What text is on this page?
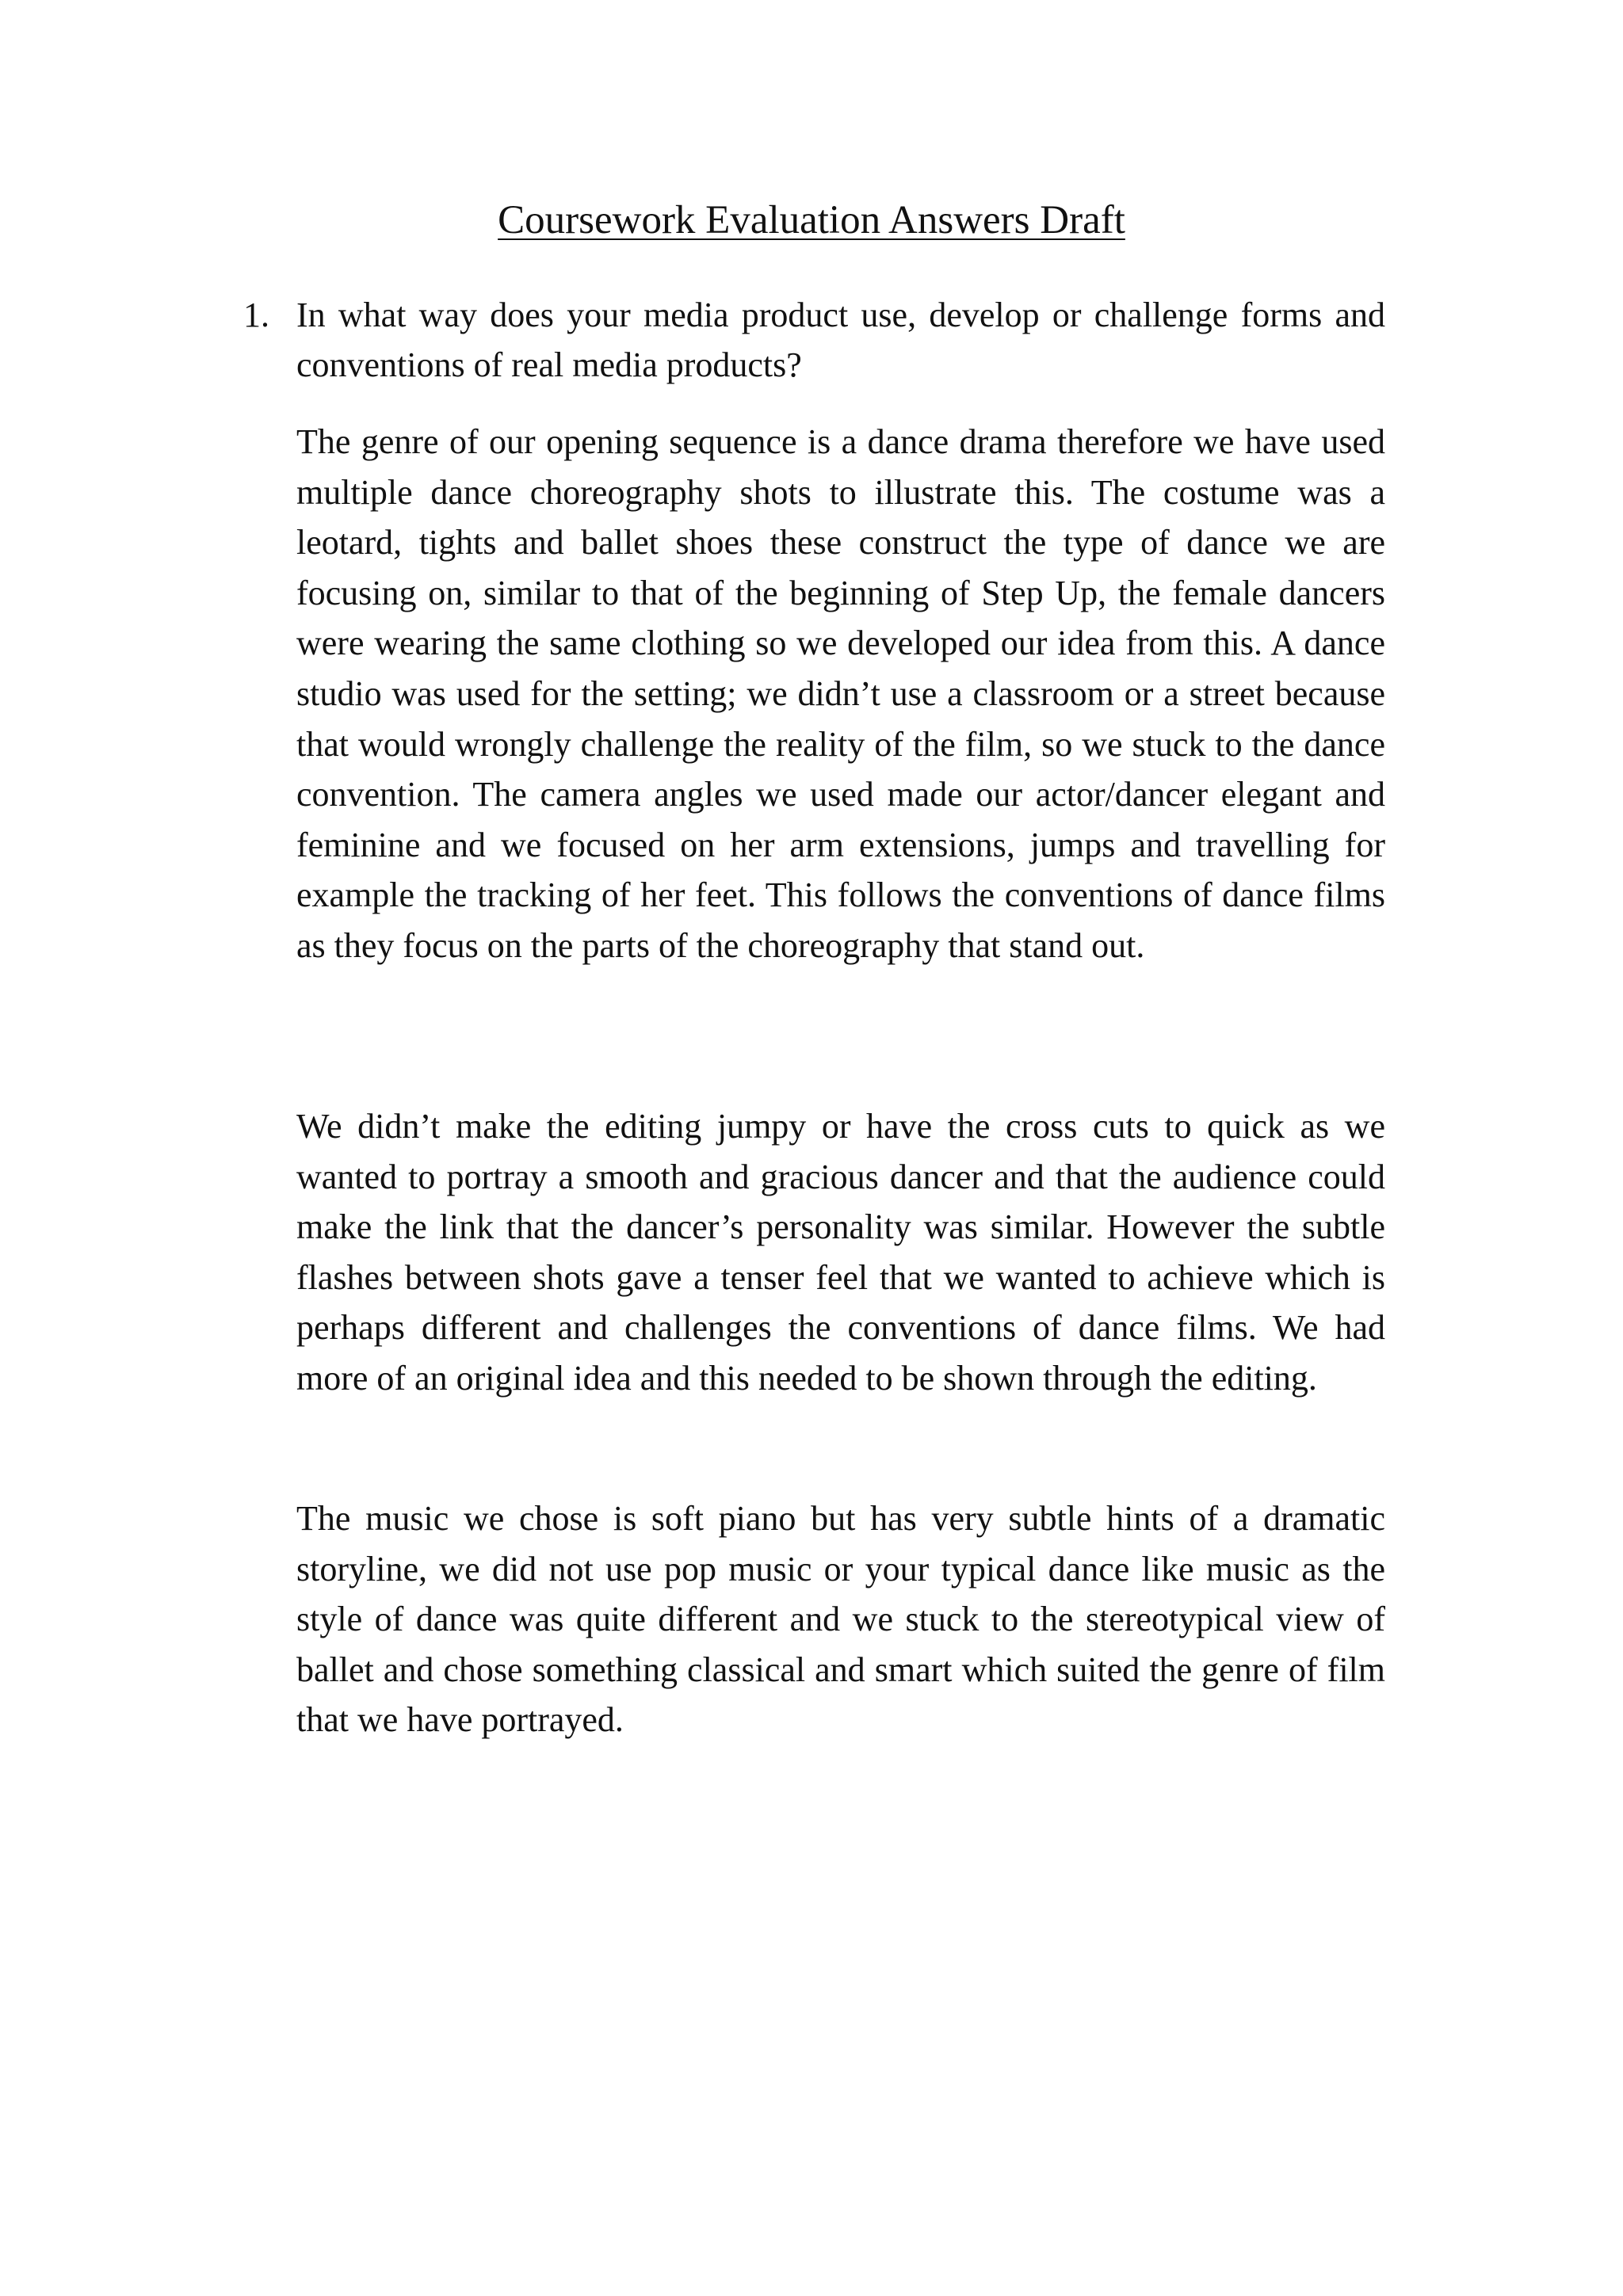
Coursework Evaluation Answers Draft
1. In what way does your media product use, develop or challenge forms and conventions of real media products?

The genre of our opening sequence is a dance drama therefore we have used multiple dance choreography shots to illustrate this. The costume was a leotard, tights and ballet shoes these construct the type of dance we are focusing on, similar to that of the beginning of Step Up, the female dancers were wearing the same clothing so we developed our idea from this. A dance studio was used for the setting; we didn’t use a classroom or a street because that would wrongly challenge the reality of the film, so we stuck to the dance convention. The camera angles we used made our actor/dancer elegant and feminine and we focused on her arm extensions, jumps and travelling for example the tracking of her feet. This follows the conventions of dance films as they focus on the parts of the choreography that stand out.

We didn’t make the editing jumpy or have the cross cuts to quick as we wanted to portray a smooth and gracious dancer and that the audience could make the link that the dancer’s personality was similar. However the subtle flashes between shots gave a tenser feel that we wanted to achieve which is perhaps different and challenges the conventions of dance films. We had more of an original idea and this needed to be shown through the editing.

The music we chose is soft piano but has very subtle hints of a dramatic storyline, we did not use pop music or your typical dance like music as the style of dance was quite different and we stuck to the stereotypical view of ballet and chose something classical and smart which suited the genre of film that we have portrayed.
